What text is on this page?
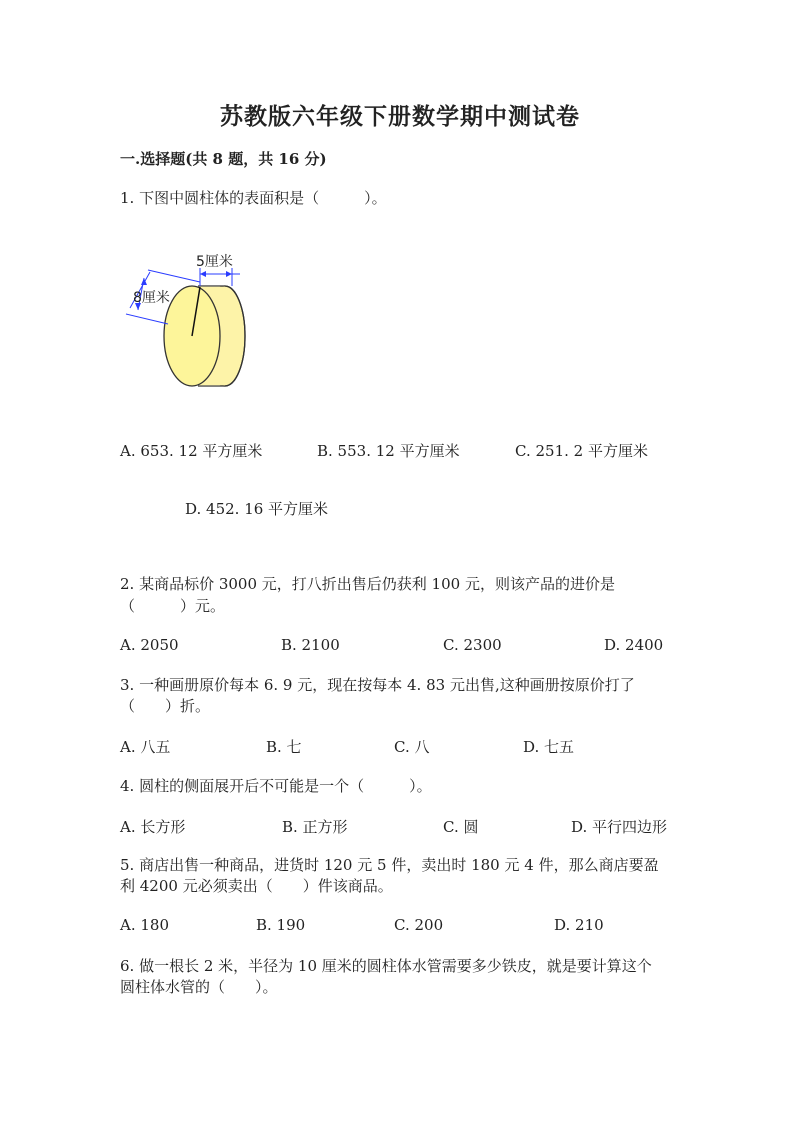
苏教版六年级下册数学期中测试卷
一.选择题(共 8 题，共 16 分)
1. 下图中圆柱体的表面积是（　　　）。
5厘米
8厘米
A. 653. 12 平方厘米	B. 553. 12 平方厘米	C. 251. 2 平方厘米
D. 452. 16 平方厘米
2. 某商品标价 3000 元，打八折出售后仍获利 100 元，则该产品的进价是
（　　　）元。
A. 2050	B. 2100	C. 2300	D. 2400
3. 一种画册原价每本 6. 9 元，现在按每本 4. 83 元出售,这种画册按原价打了
（　　）折。
A. 八五	B. 七	C. 八	D. 七五
4. 圆柱的侧面展开后不可能是一个（　　　）。
A. 长方形	B. 正方形	C. 圆	D. 平行四边形
5. 商店出售一种商品，进货时 120 元 5 件，卖出时 180 元 4 件，那么商店要盈
利 4200 元必须卖出（　　）件该商品。
A. 180	B. 190	C. 200	D. 210
6. 做一根长 2 米，半径为 10 厘米的圆柱体水管需要多少铁皮，就是要计算这个
圆柱体水管的（　　）。
